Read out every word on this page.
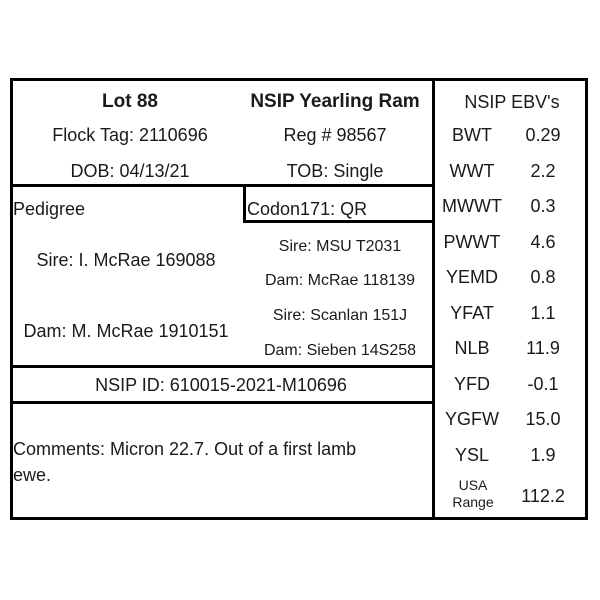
Lot 88	NSIP Yearling Ram
Flock Tag: 2110696	Reg # 98567
DOB: 04/13/21	TOB: Single
Pedigree	Codon171: QR
Sire: I. McRae 169088
Dam: M. McRae 1910151
Sire: MSU T2031
Dam: McRae 118139
Sire: Scanlan 151J
Dam: Sieben 14S258
NSIP ID: 610015-2021-M10696
Comments: Micron 22.7. Out of a first lamb
ewe.
NSIP EBV's
USA
Range 112.2
BWT 0.29
WWT 2.2
MWWT 0.3
PWWT 4.6
YEMD 0.8
YFAT 1.1
NLB 11.9
YFD -0.1
YGFW 15.0
YSL 1.9
